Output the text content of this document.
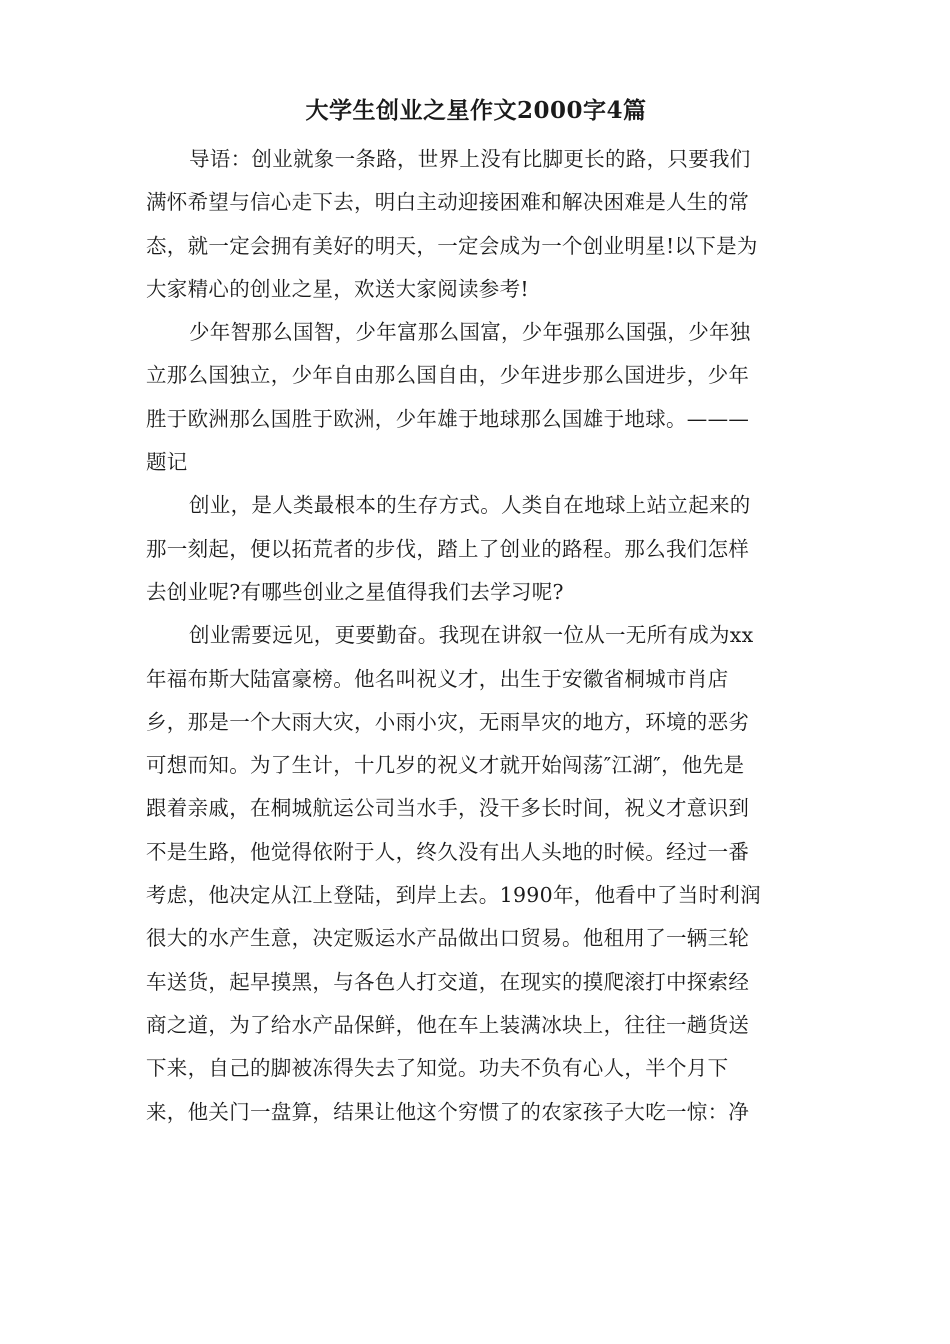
大学生创业之星作文2000字4篇
导语：创业就象一条路，世界上没有比脚更长的路，只要我们
满怀希望与信心走下去，明白主动迎接困难和解决困难是人生的常
态，就一定会拥有美好的明天，一定会成为一个创业明星!以下是为
大家精心的创业之星，欢送大家阅读参考!
少年智那么国智，少年富那么国富，少年强那么国强，少年独
立那么国独立，少年自由那么国自由，少年进步那么国进步，少年
胜于欧洲那么国胜于欧洲，少年雄于地球那么国雄于地球。———
题记
创业，是人类最根本的生存方式。人类自在地球上站立起来的
那一刻起，便以拓荒者的步伐，踏上了创业的路程。那么我们怎样
去创业呢?有哪些创业之星值得我们去学习呢?
创业需要远见，更要勤奋。我现在讲叙一位从一无所有成为xx
年福布斯大陆富豪榜。他名叫祝义才，出生于安徽省桐城市肖店
乡，那是一个大雨大灾，小雨小灾，无雨旱灾的地方，环境的恶劣
可想而知。为了生计，十几岁的祝义才就开始闯荡″江湖″，他先是
跟着亲戚，在桐城航运公司当水手，没干多长时间，祝义才意识到
不是生路，他觉得依附于人，终久没有出人头地的时候。经过一番
考虑，他决定从江上登陆，到岸上去。1990年，他看中了当时利润
很大的水产生意，决定贩运水产品做出口贸易。他租用了一辆三轮
车送货，起早摸黑，与各色人打交道，在现实的摸爬滚打中探索经
商之道，为了给水产品保鲜，他在车上装满冰块上，往往一趟货送
下来，自己的脚被冻得失去了知觉。功夫不负有心人，半个月下
来，他关门一盘算，结果让他这个穷惯了的农家孩子大吃一惊：净
